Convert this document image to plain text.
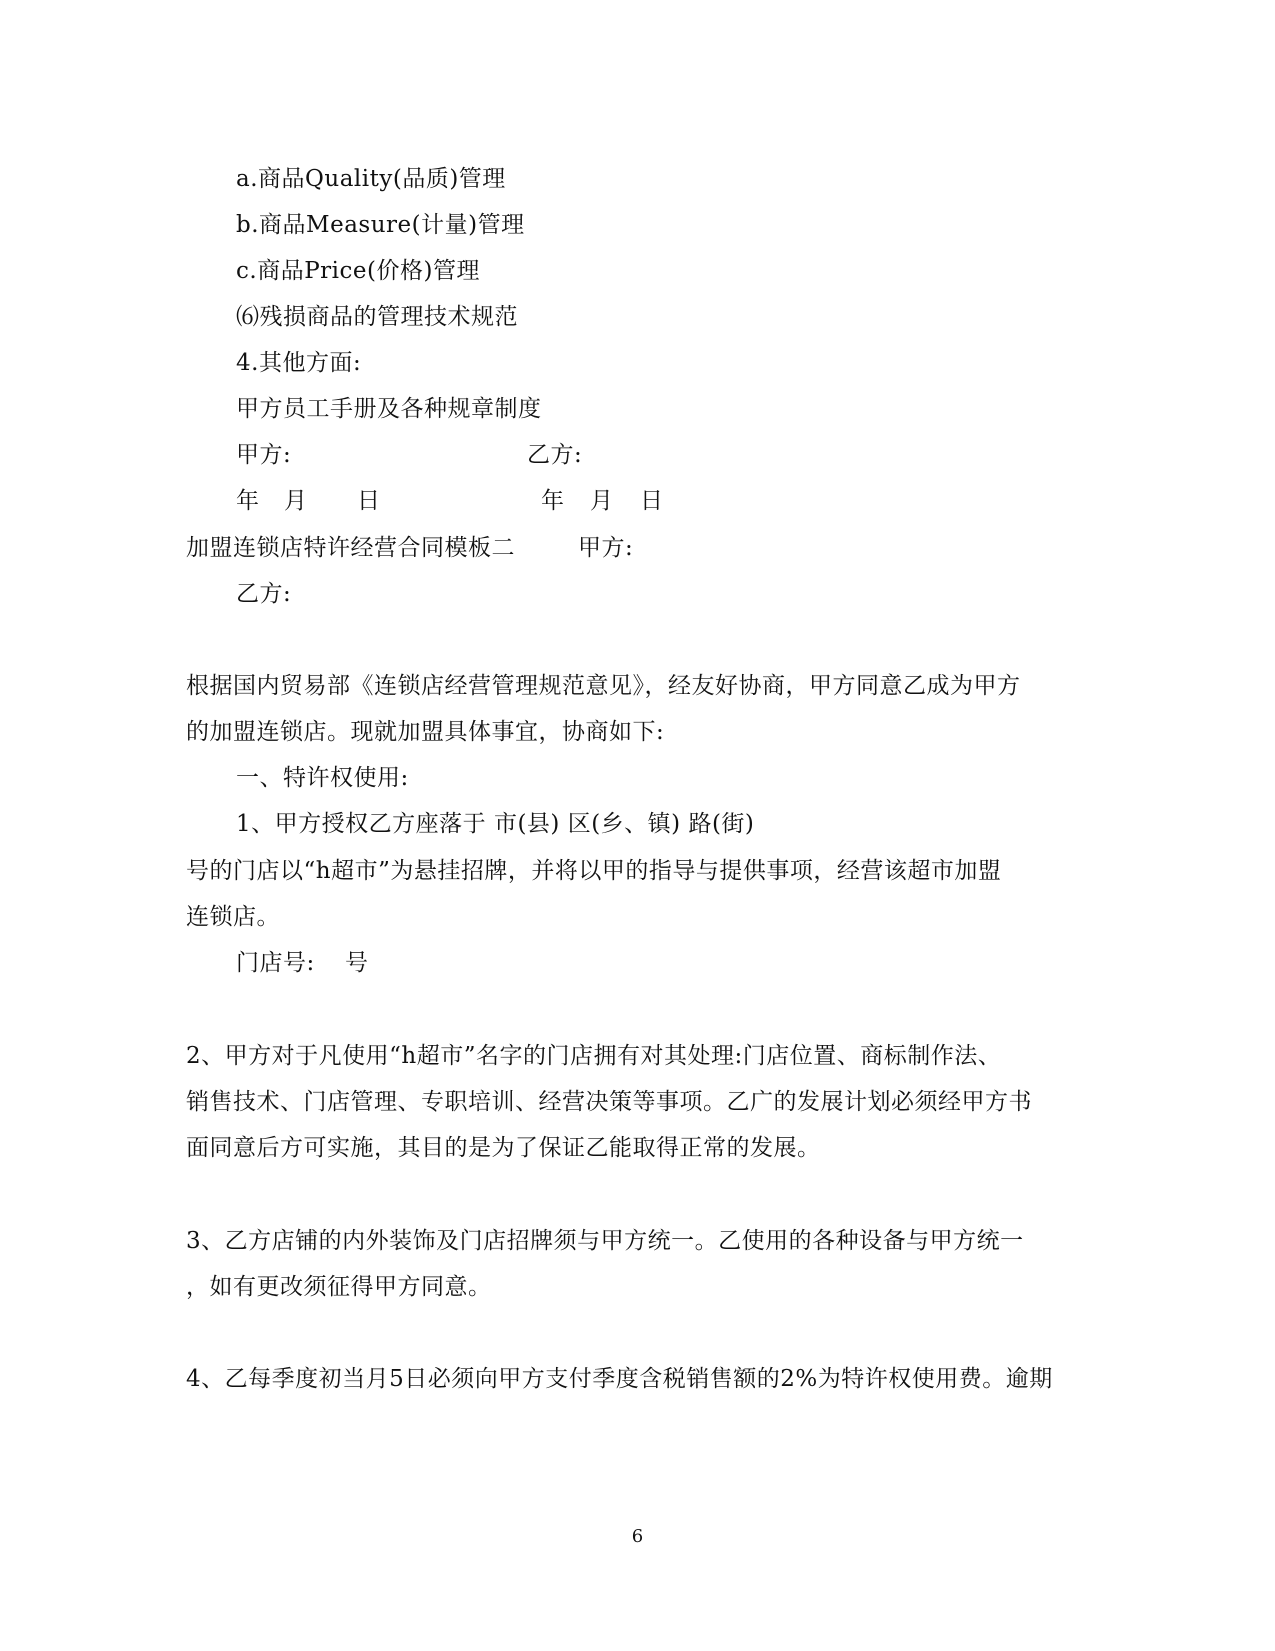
a.商品Quality(品质)管理
b.商品Measure(计量)管理
c.商品Price(价格)管理
⑹残损商品的管理技术规范
4.其他方面:
甲方员工手册及各种规章制度
甲方:	乙方:
年 月 日	年 月 日
加盟连锁店特许经营合同模板二	甲方:
乙方:
根据国内贸易部《连锁店经营管理规范意见》，经友好协商，甲方同意乙成为甲方
的加盟连锁店。现就加盟具体事宜，协商如下:
一、特许权使用:
1、甲方授权乙方座落于 市(县) 区(乡、镇) 路(街)
号的门店以“h超市”为悬挂招牌，并将以甲的指导与提供事项，经营该超市加盟
连锁店。
门店号: 号
2、甲方对于凡使用“h超市”名字的门店拥有对其处理:门店位置、商标制作法、
销售技术、门店管理、专职培训、经营决策等事项。乙广的发展计划必须经甲方书
面同意后方可实施，其目的是为了保证乙能取得正常的发展。
3、乙方店铺的内外装饰及门店招牌须与甲方统一。乙使用的各种设备与甲方统一
，如有更改须征得甲方同意。
4、乙每季度初当月5日必须向甲方支付季度含税销售额的2%为特许权使用费。逾期
6
